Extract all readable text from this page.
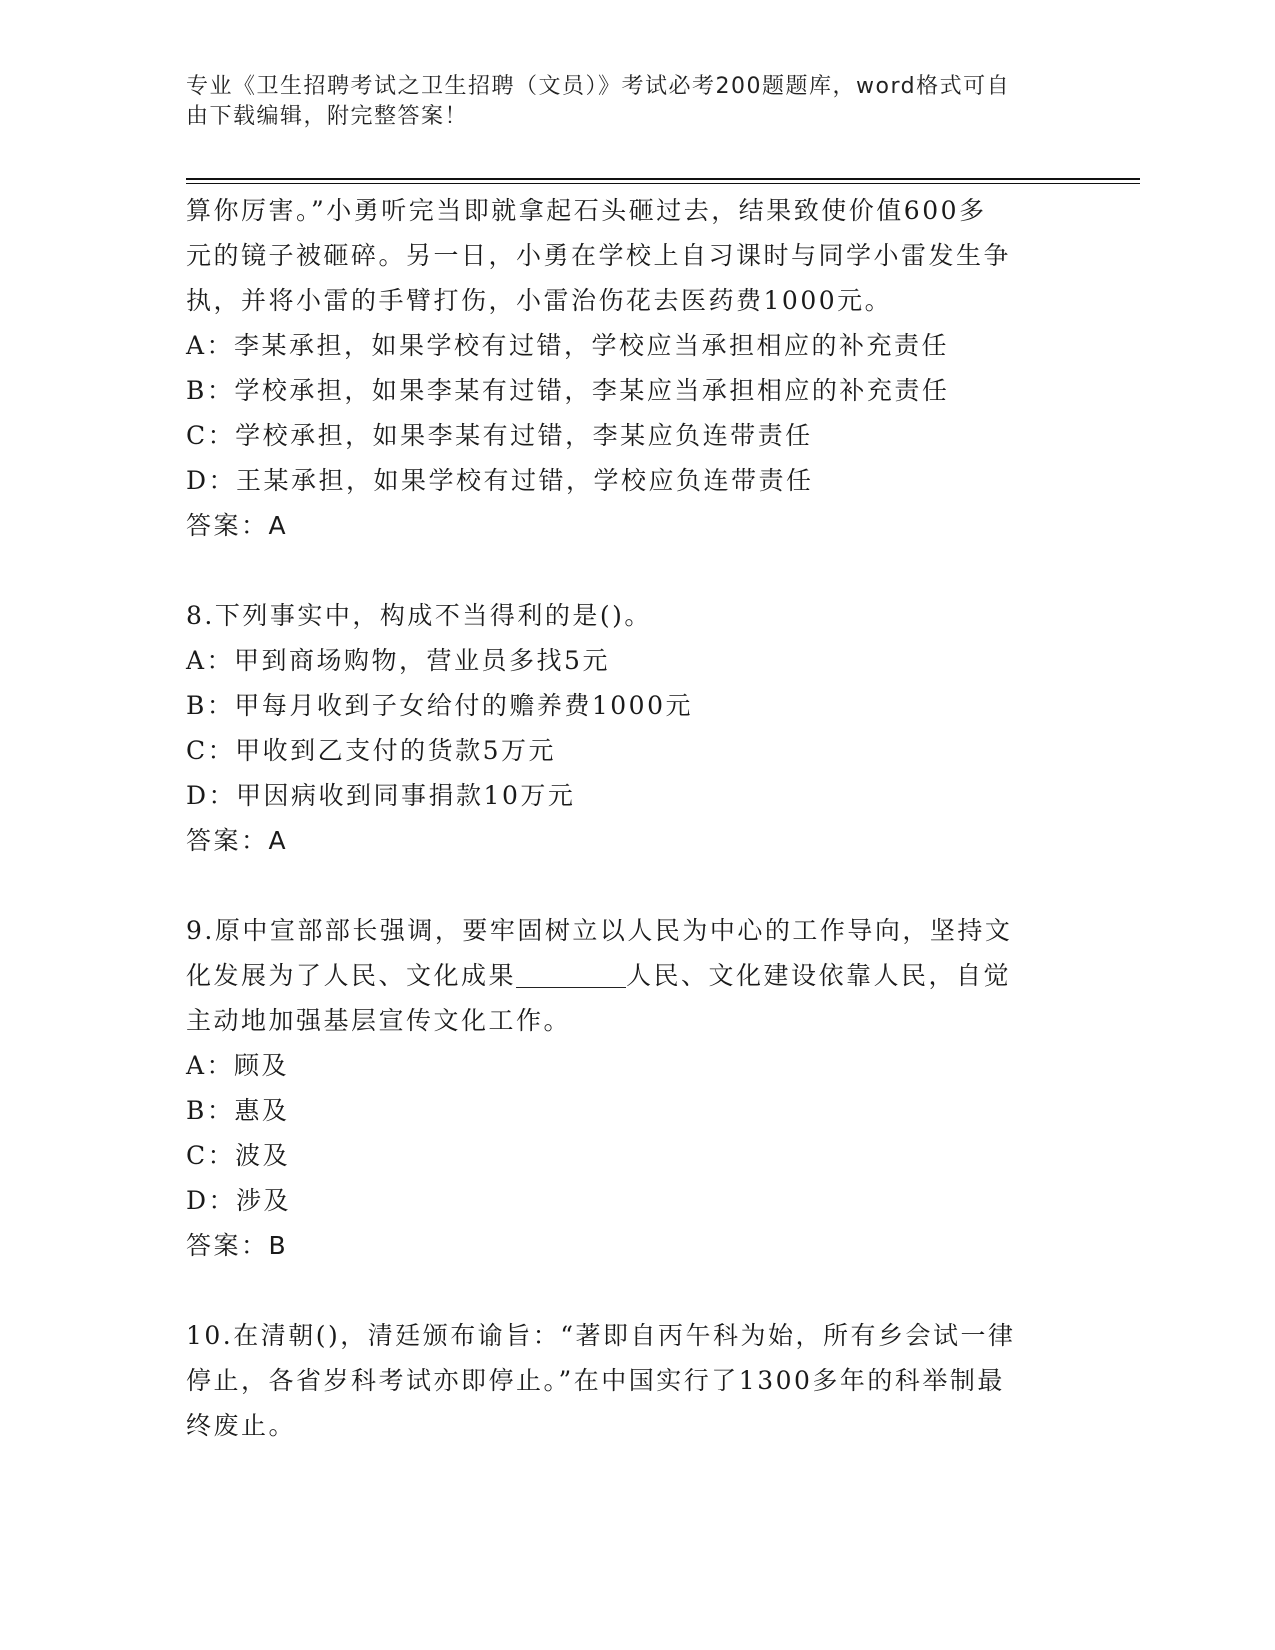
专业《卫生招聘考试之卫生招聘（文员）》考试必考200题题库，word格式可自
由下载编辑，附完整答案！
算你厉害。”小勇听完当即就拿起石头砸过去，结果致使价值600多
元的镜子被砸碎。另一日，小勇在学校上自习课时与同学小雷发生争
执，并将小雷的手臂打伤，小雷治伤花去医药费1000元。
A：李某承担，如果学校有过错，学校应当承担相应的补充责任
B：学校承担，如果李某有过错，李某应当承担相应的补充责任
C：学校承担，如果李某有过错，李某应负连带责任
D：王某承担，如果学校有过错，学校应负连带责任
答案：A
8.下列事实中，构成不当得利的是()。
A：甲到商场购物，营业员多找5元
B：甲每月收到子女给付的赡养费1000元
C：甲收到乙支付的货款5万元
D：甲因病收到同事捐款10万元
答案：A
9.原中宣部部长强调，要牢固树立以人民为中心的工作导向，坚持文
化发展为了人民、文化成果	人民、文化建设依靠人民，自觉
主动地加强基层宣传文化工作。
A：顾及
B：惠及
C：波及
D：涉及
答案：B
10.在清朝()，清廷颁布谕旨：“著即自丙午科为始，所有乡会试一律
停止，各省岁科考试亦即停止。”在中国实行了1300多年的科举制最
终废止。
